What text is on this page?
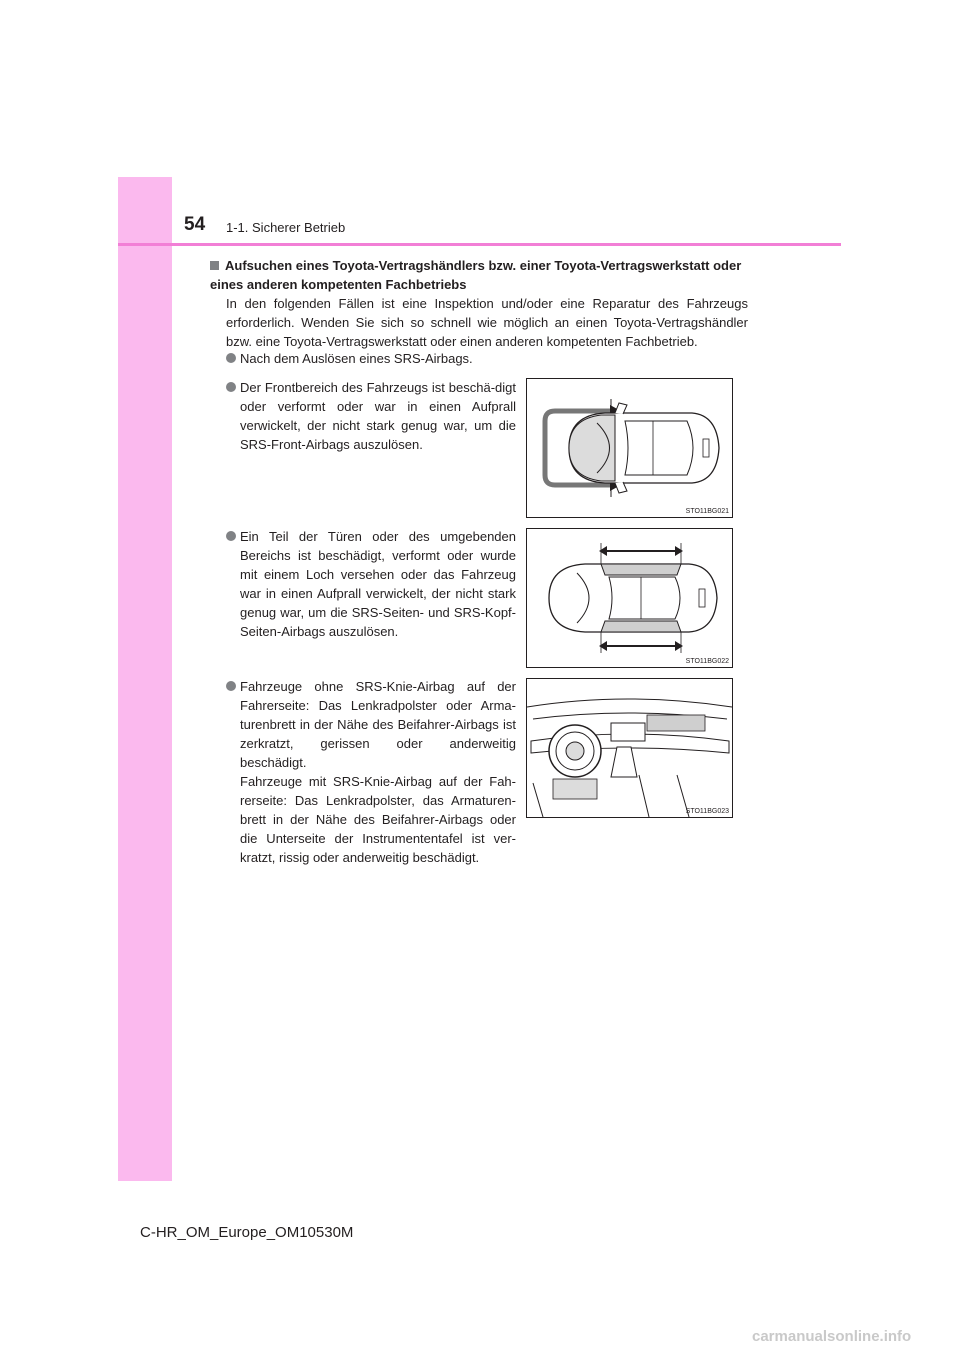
54 1-1. Sicherer Betrieb
Aufsuchen eines Toyota-Vertragshändlers bzw. einer Toyota-Vertragswerkstatt oder eines anderen kompetenten Fachbetriebs
In den folgenden Fällen ist eine Inspektion und/oder eine Reparatur des Fahrzeugs erforderlich. Wenden Sie sich so schnell wie möglich an einen Toyota-Vertragshändler bzw. eine Toyota-Vertragswerkstatt oder einen anderen kompetenten Fachbetrieb.
Nach dem Auslösen eines SRS-Airbags.
Der Frontbereich des Fahrzeugs ist beschä-digt oder verformt oder war in einen Aufprall verwickelt, der nicht stark genug war, um die SRS-Front-Airbags auszulösen.
Ein Teil der Türen oder des umgebenden Bereichs ist beschädigt, verformt oder wurde mit einem Loch versehen oder das Fahrzeug war in einen Aufprall verwickelt, der nicht stark genug war, um die SRS-Seiten- und SRS-Kopf-Seiten-Airbags auszulösen.
Fahrzeuge ohne SRS-Knie-Airbag auf der Fahrerseite: Das Lenkradpolster oder Arma-turenbrett in der Nähe des Beifahrer-Airbags ist zerkratzt, gerissen oder anderweitig beschädigt.
Fahrzeuge mit SRS-Knie-Airbag auf der Fah-rerseite: Das Lenkradpolster, das Armaturen-brett in der Nähe des Beifahrer-Airbags oder die Unterseite der Instrumententafel ist ver-kratzt, rissig oder anderweitig beschädigt.
STO11BG021
STO11BG022
STO11BG023
C-HR_OM_Europe_OM10530M
carmanualsonline.info
